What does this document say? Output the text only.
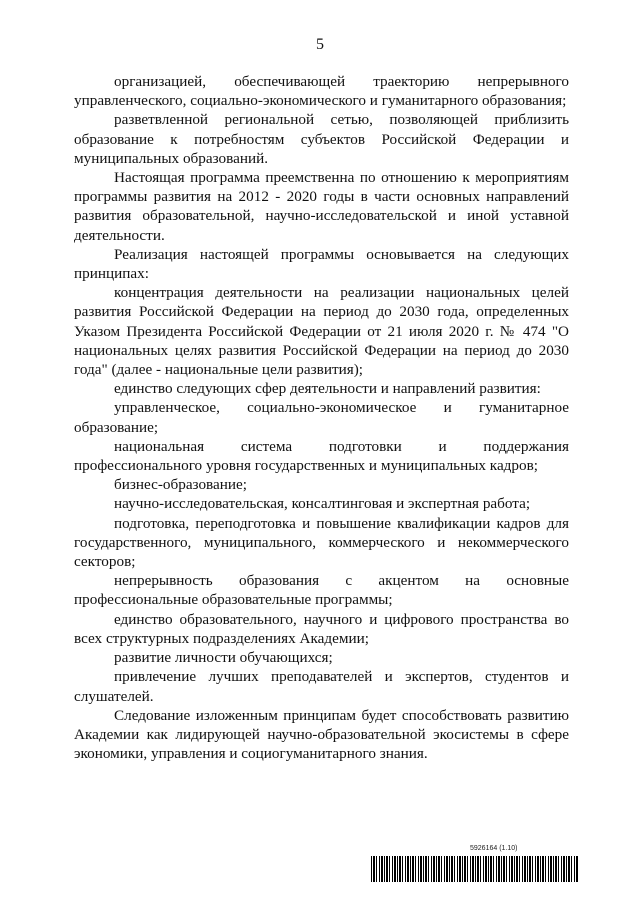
5

организацией, обеспечивающей траекторию непрерывного управленческого, социально-экономического и гуманитарного образования;

разветвленной региональной сетью, позволяющей приблизить образование к потребностям субъектов Российской Федерации и муниципальных образований.

Настоящая программа преемственна по отношению к мероприятиям программы развития на 2012 - 2020 годы в части основных направлений развития образовательной, научно-исследовательской и иной уставной деятельности.

Реализация настоящей программы основывается на следующих принципах:

концентрация деятельности на реализации национальных целей развития Российской Федерации на период до 2030 года, определенных Указом Президента Российской Федерации от 21 июля 2020 г. № 474 "О национальных целях развития Российской Федерации на период до 2030 года" (далее - национальные цели развития);

единство следующих сфер деятельности и направлений развития:

управленческое, социально-экономическое и гуманитарное образование;

национальная система подготовки и поддержания профессионального уровня государственных и муниципальных кадров;

бизнес-образование;

научно-исследовательская, консалтинговая и экспертная работа;

подготовка, переподготовка и повышение квалификации кадров для государственного, муниципального, коммерческого и некоммерческого секторов;

непрерывность образования с акцентом на основные профессиональные образовательные программы;

единство образовательного, научного и цифрового пространства во всех структурных подразделениях Академии;

развитие личности обучающихся;

привлечение лучших преподавателей и экспертов, студентов и слушателей.

Следование изложенным принципам будет способствовать развитию Академии как лидирующей научно-образовательной экосистемы в сфере экономики, управления и социогуманитарного знания.

5926164 (1.10)
